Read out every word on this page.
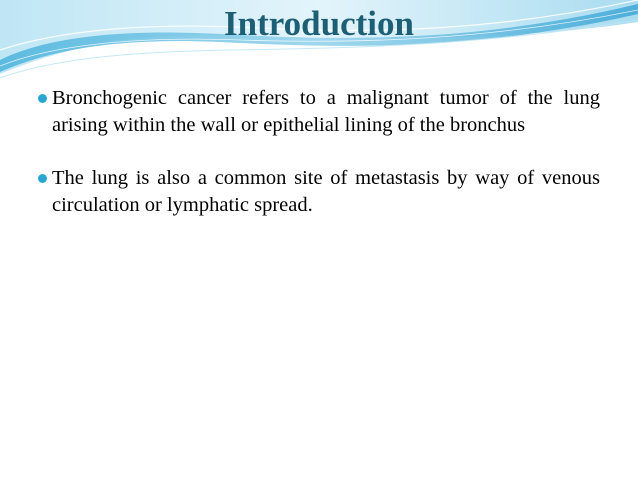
Introduction
Bronchogenic cancer refers to a malignant tumor of the lung arising within the wall or epithelial lining of the bronchus
The lung is also a common site of metastasis by way of venous circulation or lymphatic spread.
